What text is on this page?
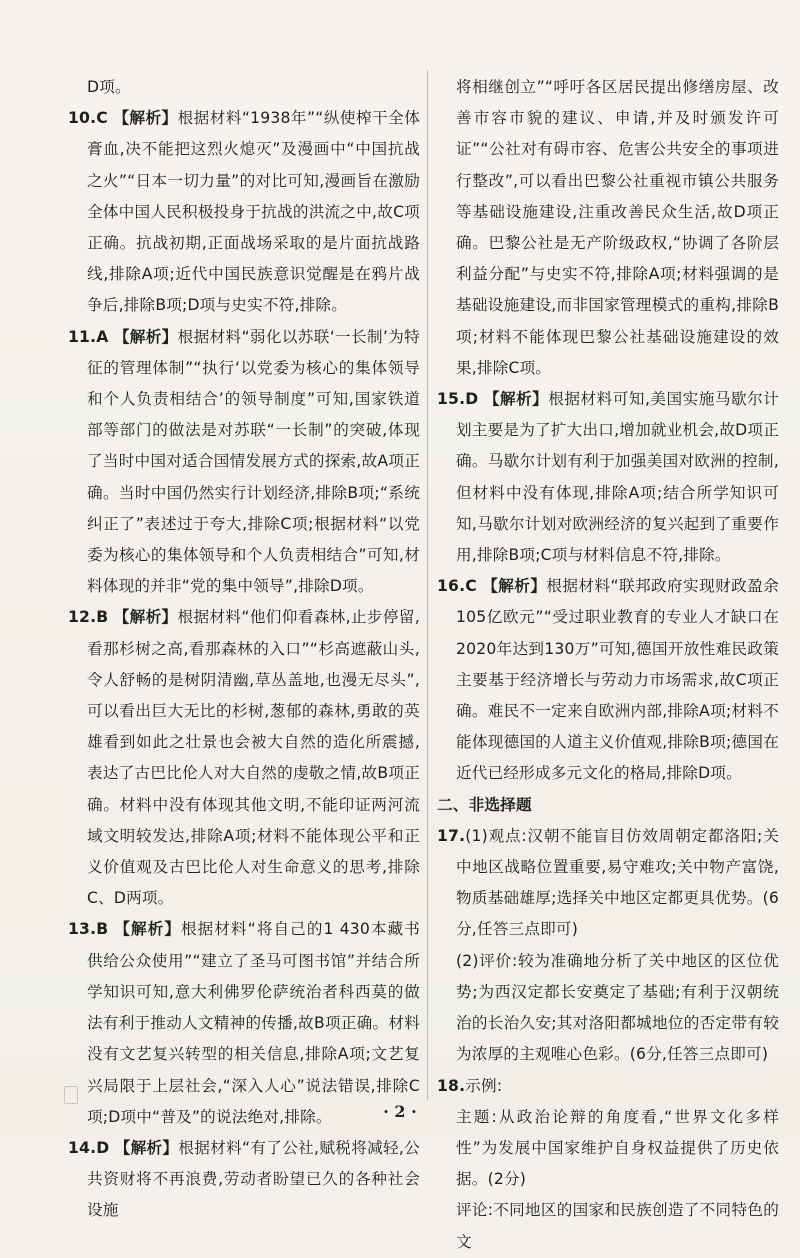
D项。

10.C 【解析】根据材料“1938年”“纵使榨干全体膏血,决不能把这烈火熄灭”及漫画中“中国抗战之火”“日本一切力量”的对比可知,漫画旨在激励全体中国人民积极投身于抗战的洪流之中,故C项正确。抗战初期,正面战场采取的是片面抗战路线,排除A项;近代中国民族意识觉醒是在鸦片战争后,排除B项;D项与史实不符,排除。

11.A 【解析】根据材料“弱化以苏联‘一长制’为特征的管理体制”“执行‘以党委为核心的集体领导和个人负责相结合’的领导制度”可知,国家铁道部等部门的做法是对苏联“一长制”的突破,体现了当时中国对适合国情发展方式的探索,故A项正确。当时中国仍然实行计划经济,排除B项;“系统纠正了”表述过于夸大,排除C项;根据材料“以党委为核心的集体领导和个人负责相结合”可知,材料体现的并非“党的集中领导”,排除D项。

12.B 【解析】根据材料“他们仰看森林,止步停留,看那杉树之高,看那森林的入口”“杉高遮蔽山头,令人舒畅的是树阴清幽,草丛盖地,也漫无尽头”,可以看出巨大无比的杉树,葱郁的森林,勇敢的英雄看到如此之壮景也会被大自然的造化所震撼,表达了古巴比伦人对大自然的虔敬之情,故B项正确。材料中没有体现其他文明,不能印证两河流域文明较发达,排除A项;材料不能体现公平和正义价值观及古巴比伦人对生命意义的思考,排除C、D两项。

13.B 【解析】根据材料“将自己的1 430本藏书供给公众使用”“建立了圣马可图书馆”并结合所学知识可知,意大利佛罗伦萨统治者科西莫的做法有利于推动人文精神的传播,故B项正确。材料没有文艺复兴转型的相关信息,排除A项;文艺复兴局限于上层社会,“深入人心”说法错误,排除C项;D项中“普及”的说法绝对,排除。

14.D 【解析】根据材料“有了公社,赋税将减轻,公共资财将不再浪费,劳动者盼望已久的各种社会设施

将相继创立”“呼吁各区居民提出修缮房屋、改善市容市貌的建议、申请,并及时颁发许可证”“公社对有碍市容、危害公共安全的事项进行整改”,可以看出巴黎公社重视市镇公共服务等基础设施建设,注重改善民众生活,故D项正确。巴黎公社是无产阶级政权,“协调了各阶层利益分配”与史实不符,排除A项;材料强调的是基础设施建设,而非国家管理模式的重构,排除B项;材料不能体现巴黎公社基础设施建设的效果,排除C项。

15.D 【解析】根据材料可知,美国实施马歇尔计划主要是为了扩大出口,增加就业机会,故D项正确。马歇尔计划有利于加强美国对欧洲的控制,但材料中没有体现,排除A项;结合所学知识可知,马歇尔计划对欧洲经济的复兴起到了重要作用,排除B项;C项与材料信息不符,排除。

16.C 【解析】根据材料“联邦政府实现财政盈余105亿欧元”“受过职业教育的专业人才缺口在2020年达到130万”可知,德国开放性难民政策主要基于经济增长与劳动力市场需求,故C项正确。难民不一定来自欧洲内部,排除A项;材料不能体现德国的人道主义价值观,排除B项;德国在近代已经形成多元文化的格局,排除D项。

二、非选择题

17.(1)观点:汉朝不能盲目仿效周朝定都洛阳;关中地区战略位置重要,易守难攻;关中物产富饶,物质基础雄厚;选择关中地区定都更具优势。(6分,任答三点即可)

(2)评价:较为准确地分析了关中地区的区位优势;为西汉定都长安奠定了基础;有利于汉朝统治的长治久安;其对洛阳都城地位的否定带有较为浓厚的主观唯心色彩。(6分,任答三点即可)

18.示例:

主题:从政治论辩的角度看,“世界文化多样性”为发展中国家维护自身权益提供了历史依据。(2分)

评论:不同地区的国家和民族创造了不同特色的文

· 2 ·
